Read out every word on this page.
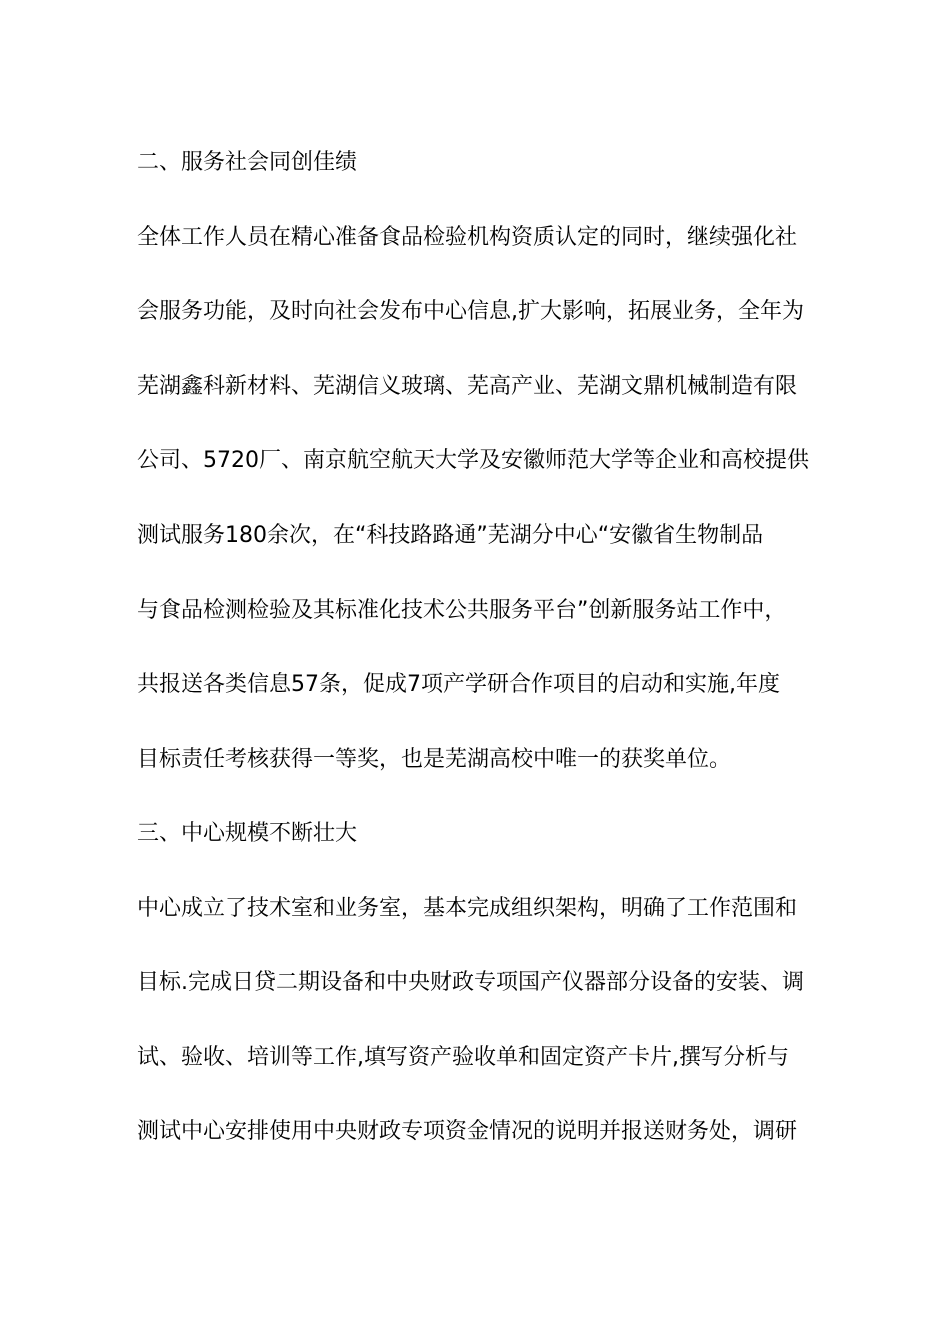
二、服务社会同创佳绩
全体工作人员在精心准备食品检验机构资质认定的同时，继续强化社
会服务功能，及时向社会发布中心信息,扩大影响，拓展业务，全年为
芜湖鑫科新材料、芜湖信义玻璃、芜高产业、芜湖文鼎机械制造有限
公司、5720厂、南京航空航天大学及安徽师范大学等企业和高校提供
测试服务180余次，在“科技路路通”芜湖分中心“安徽省生物制品
与食品检测检验及其标准化技术公共服务平台”创新服务站工作中，
共报送各类信息57条，促成7项产学研合作项目的启动和实施,年度
目标责任考核获得一等奖，也是芜湖高校中唯一的获奖单位。
三、中心规模不断壮大
中心成立了技术室和业务室，基本完成组织架构，明确了工作范围和
目标.完成日贷二期设备和中央财政专项国产仪器部分设备的安装、调
试、验收、培训等工作,填写资产验收单和固定资产卡片,撰写分析与
测试中心安排使用中央财政专项资金情况的说明并报送财务处，调研
